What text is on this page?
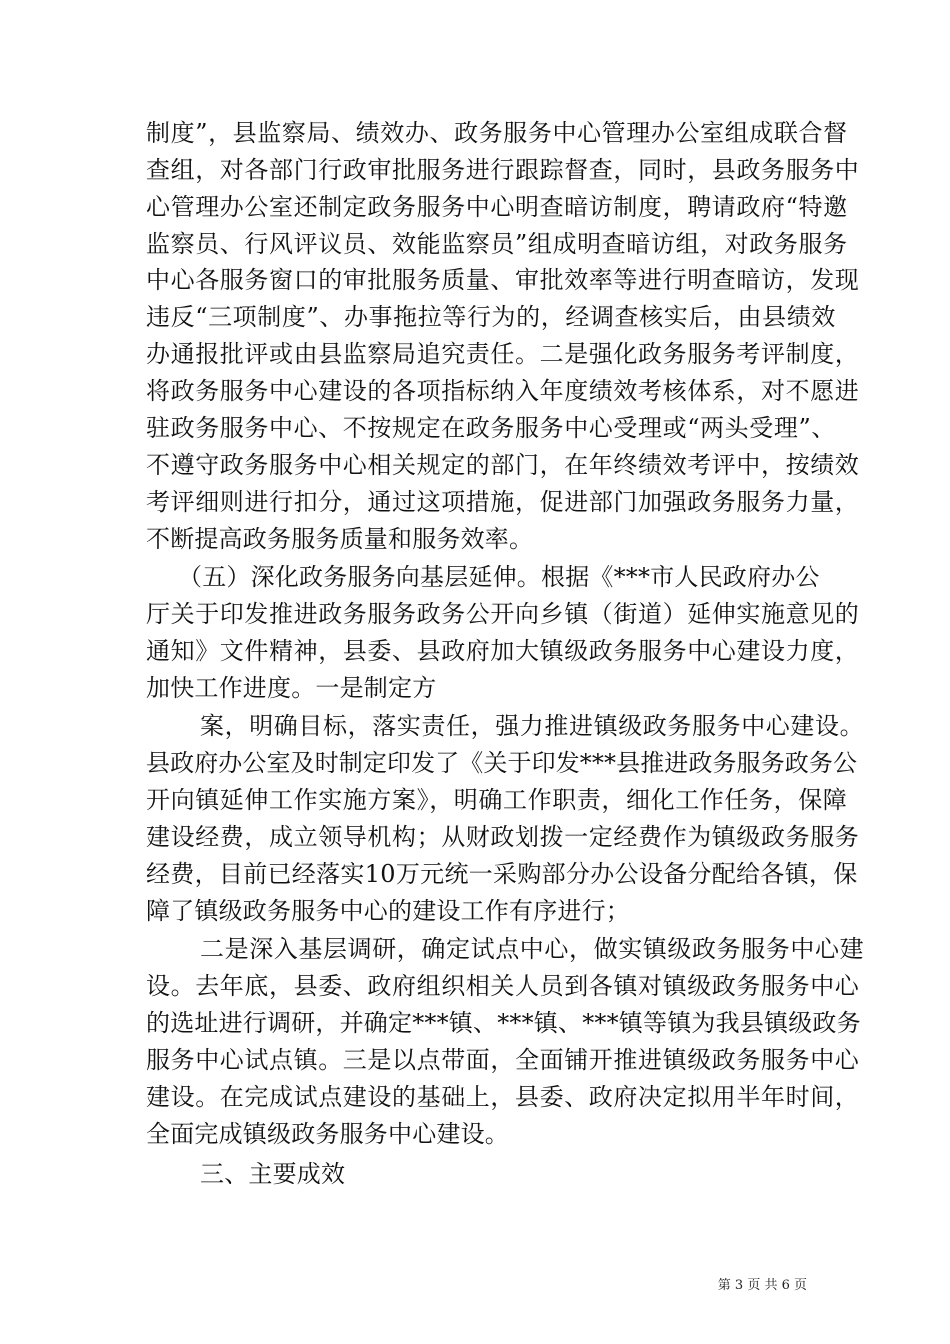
制度”，县监察局、绩效办、政务服务中心管理办公室组成联合督
查组，对各部门行政审批服务进行跟踪督查，同时，县政务服务中
心管理办公室还制定政务服务中心明查暗访制度，聘请政府“特邀
监察员、行风评议员、效能监察员”组成明查暗访组，对政务服务
中心各服务窗口的审批服务质量、审批效率等进行明查暗访，发现
违反“三项制度”、办事拖拉等行为的，经调查核实后，由县绩效
办通报批评或由县监察局追究责任。二是强化政务服务考评制度，
将政务服务中心建设的各项指标纳入年度绩效考核体系，对不愿进
驻政务服务中心、不按规定在政务服务中心受理或“两头受理”、
不遵守政务服务中心相关规定的部门，在年终绩效考评中，按绩效
考评细则进行扣分，通过这项措施，促进部门加强政务服务力量，
不断提高政务服务质量和服务效率。
（五）深化政务服务向基层延伸。根据《***市人民政府办公
厅关于印发推进政务服务政务公开向乡镇（街道）延伸实施意见的
通知》文件精神，县委、县政府加大镇级政务服务中心建设力度，
加快工作进度。一是制定方
案，明确目标，落实责任，强力推进镇级政务服务中心建设。
县政府办公室及时制定印发了《关于印发***县推进政务服务政务公
开向镇延伸工作实施方案》，明确工作职责，细化工作任务，保障
建设经费，成立领导机构；从财政划拨一定经费作为镇级政务服务
经费，目前已经落实10万元统一采购部分办公设备分配给各镇，保
障了镇级政务服务中心的建设工作有序进行；
二是深入基层调研，确定试点中心，做实镇级政务服务中心建
设。去年底，县委、政府组织相关人员到各镇对镇级政务服务中心
的选址进行调研，并确定***镇、***镇、***镇等镇为我县镇级政务
服务中心试点镇。三是以点带面，全面铺开推进镇级政务服务中心
建设。在完成试点建设的基础上，县委、政府决定拟用半年时间，
第 3 页 共 6 页
全面完成镇级政务服务中心建设。
三、主要成效
